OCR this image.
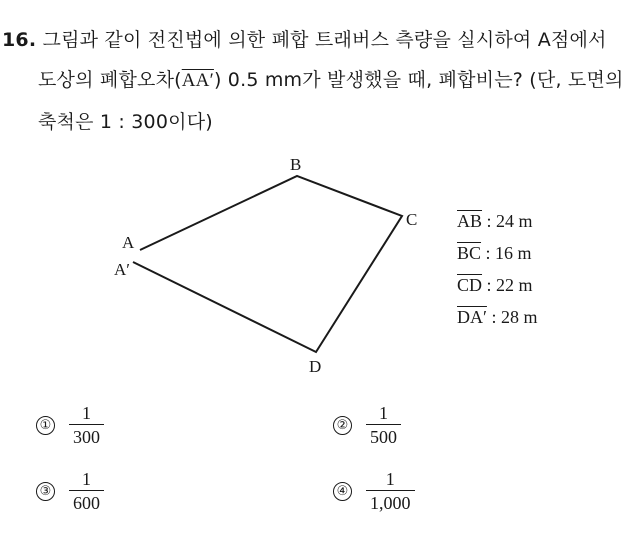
16. 그림과 같이 전진법에 의한 폐합 트래버스 측량을 실시하여 A점에서
도상의 폐합오차(AA′) 0.5 mm가 발생했을 때, 폐합비는? (단, 도면의
축척은 1 : 300이다)
B
C
A
A′
D
$\overline{AB}$ : 24 m
$\overline{BC}$ : 16 m
$\overline{CD}$ : 22 m
DA′ : 28 m
① $\frac{1}{300}$	② $\frac{1}{500}$
③ $\frac{1}{600}$	④ $\frac{1}{1,000}$
